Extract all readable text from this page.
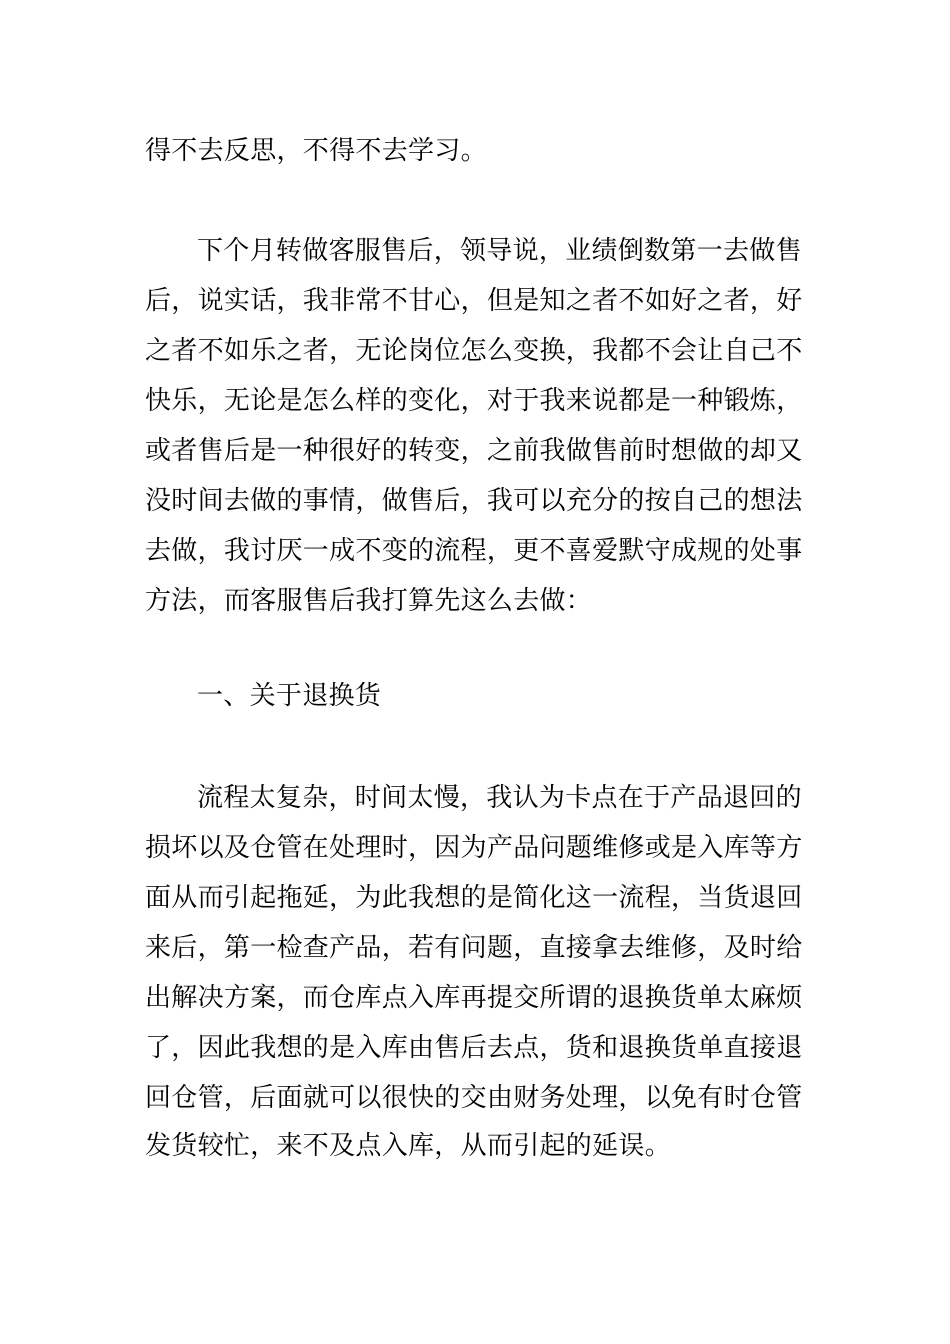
得不去反思，不得不去学习。
下个月转做客服售后，领导说，业绩倒数第一去做售
后，说实话，我非常不甘心，但是知之者不如好之者，好
之者不如乐之者，无论岗位怎么变换，我都不会让自己不
快乐，无论是怎么样的变化，对于我来说都是一种锻炼，
或者售后是一种很好的转变，之前我做售前时想做的却又
没时间去做的事情，做售后，我可以充分的按自己的想法
去做，我讨厌一成不变的流程，更不喜爱默守成规的处事
方法，而客服售后我打算先这么去做：
一、关于退换货
流程太复杂，时间太慢，我认为卡点在于产品退回的
损坏以及仓管在处理时，因为产品问题维修或是入库等方
面从而引起拖延，为此我想的是简化这一流程，当货退回
来后，第一检查产品，若有问题，直接拿去维修，及时给
出解决方案，而仓库点入库再提交所谓的退换货单太麻烦
了，因此我想的是入库由售后去点，货和退换货单直接退
回仓管，后面就可以很快的交由财务处理，以免有时仓管
发货较忙，来不及点入库，从而引起的延误。
